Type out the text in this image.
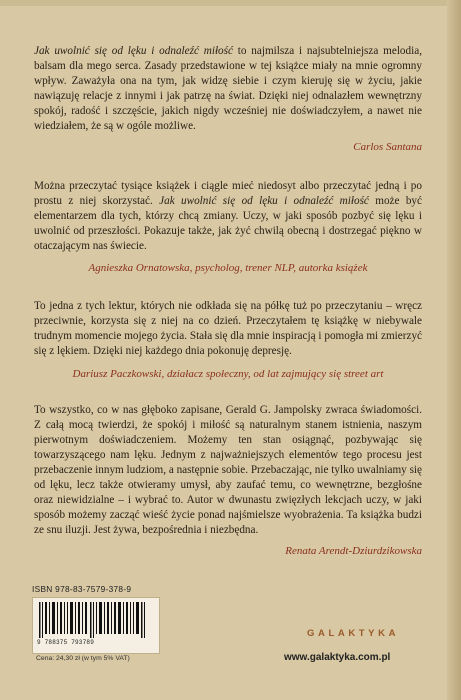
Jak uwolnić się od lęku i odnaleźć miłość to najmilsza i najsubtelniejsza melodia, balsam dla mego serca. Zasady przedstawione w tej książce miały na mnie ogromny wpływ. Zaważyła ona na tym, jak widzę siebie i czym kieruję się w życiu, jakie nawiązuję relacje z innymi i jak patrzę na świat. Dzięki niej odnalazłem wewnętrzny spokój, radość i szczęście, jakich nigdy wcześniej nie doświadczyłem, a nawet nie wiedziałem, że są w ogóle możliwe.

Carlos Santana

Można przeczytać tysiące książek i ciągle mieć niedosyt albo przeczytać jedną i po prostu z niej skorzystać. Jak uwolnić się od lęku i odnaleźć miłość może być elementarzem dla tych, którzy chcą zmiany. Uczy, w jaki sposób pozbyć się lęku i uwolnić od przeszłości. Pokazuje także, jak żyć chwilą obecną i dostrzegać piękno w otaczającym nas świecie.

Agnieszka Ornatowska, psycholog, trener NLP, autorka książek

To jedna z tych lektur, których nie odkłada się na półkę tuż po przeczytaniu – wręcz przeciwnie, korzysta się z niej na co dzień. Przeczytałem tę książkę w niebywale trudnym momencie mojego życia. Stała się dla mnie inspiracją i pomogła mi zmierzyć się z lękiem. Dzięki niej każdego dnia pokonuję depresję.

Dariusz Paczkowski, działacz społeczny, od lat zajmujący się street art

To wszystko, co w nas głęboko zapisane, Gerald G. Jampolsky zwraca świadomości. Z całą mocą twierdzi, że spokój i miłość są naturalnym stanem istnienia, naszym pierwotnym doświadczeniem. Możemy ten stan osiągnąć, pozbywając się towarzyszącego nam lęku. Jednym z najważniejszych elementów tego procesu jest przebaczenie innym ludziom, a następnie sobie. Przebaczając, nie tylko uwalniamy się od lęku, lecz także otwieramy umysł, aby zaufać temu, co wewnętrzne, bezgłośne oraz niewidzialne – i wybrać to. Autor w dwunastu zwięzłych lekcjach uczy, w jaki sposób możemy zacząć wieść życie ponad najśmielsze wyobrażenia. Ta książka budzi ze snu iluzji. Jest żywa, bezpośrednia i niezbędna.

Renata Arendt-Dziurdzikowska

ISBN 978-83-7579-378-9
9 788375 793789
Cena: 24,30 zł (w tym 5% VAT)
GALAKTYKA
www.galaktyka.com.pl
